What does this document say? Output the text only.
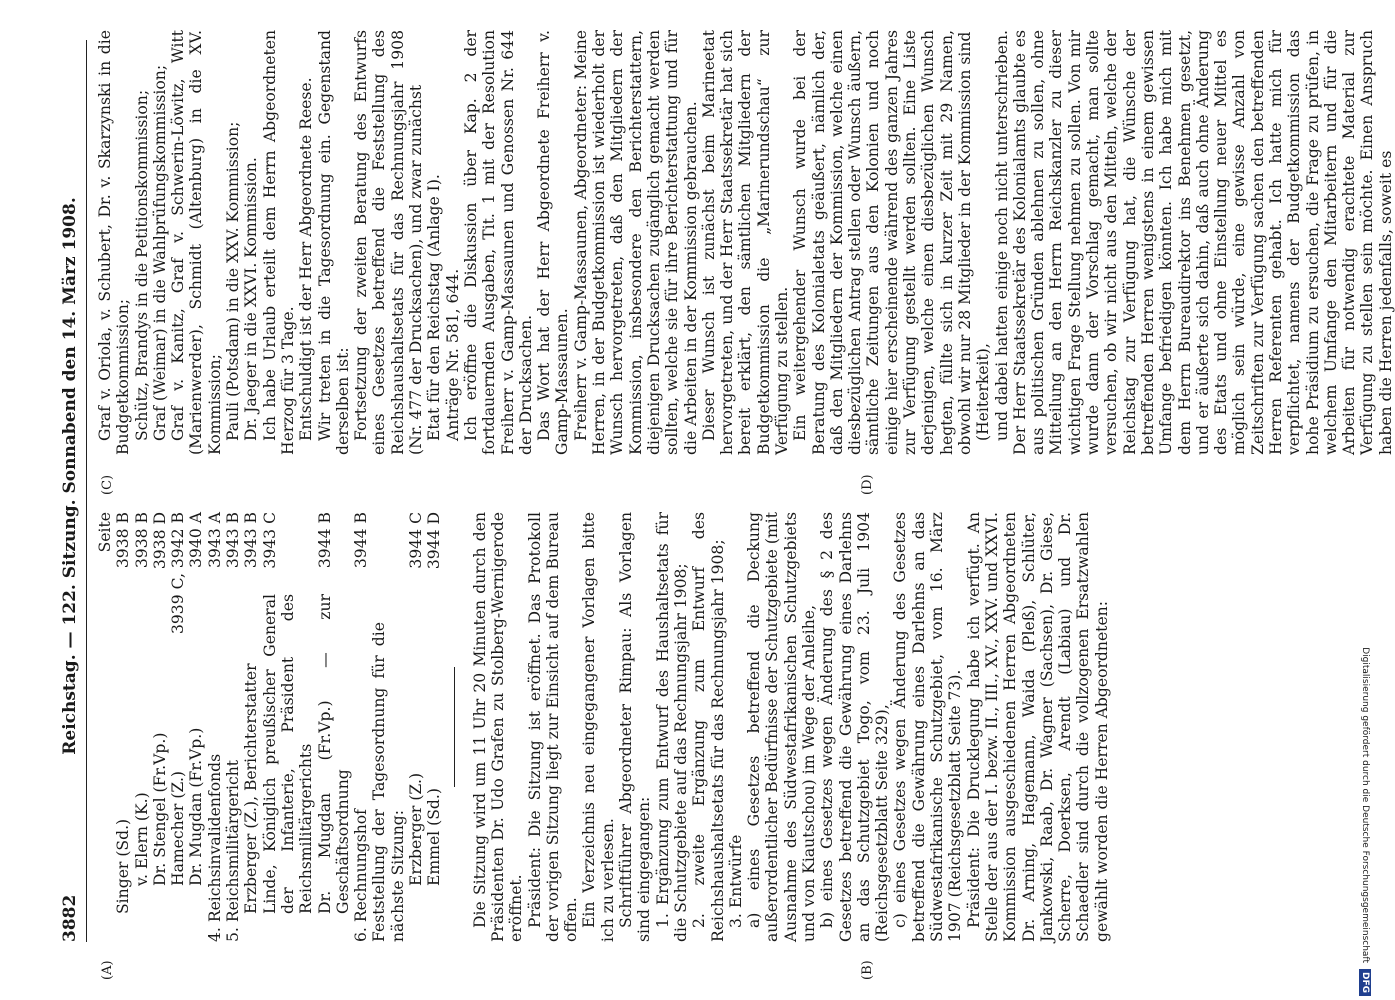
3882
Reichstag. — 122. Sitzung. Sonnabend den 14. März 1908.
(A)	(B)
(C)	(D)
Seite
Singer (Sd.)
3938 B
v. Elern (K.)
3938 B
Dr. Stengel (Fr.Vp.)
3938 D
Hamecher (Z.)
3939 C, 3942 B
Dr. Mugdan (Fr.Vp.)
3940 A
4. Reichsinvalidenfonds
3943 A
5. Reichsmilitärgericht
3943 B
Erzberger (Z.), Berichterstatter
3943 B
Linde, Königlich preußischer General der Infanterie, Präsident des Reichsmilitärgerichts
3943 C
Dr. Mugdan (Fr.Vp.) — zur Geschäftsordnung
3944 B
6. Rechnungshof
3944 B
Feststellung der Tagesordnung für die nächste Sitzung: Erzberger (Z.)
3944 C
Emmel (Sd.)
3944 D Die Sitzung wird um 11 Uhr 20 Minuten durch den Präsidenten Dr. Udo Grafen zu Stolberg-Wernigerode eröffnet. Präsident: Die Sitzung ist eröffnet. Das Protokoll der vorigen Sitzung liegt zur Einsicht auf dem Bureau offen. Ein Verzeichnis neu eingegangener Vorlagen bitte ich zu verlesen. Schriftführer Abgeordneter Rimpau: Als Vorlagen sind eingegangen: 1. Ergänzung zum Entwurf des Haushaltsetats für die Schutzgebiete auf das Rechnungsjahr 1908; 2. zweite Ergänzung zum Entwurf des Reichshaushaltsetats für das Rechnungsjahr 1908; 3. Entwürfe a) eines Gesetzes betreffend die Deckung außerordentlicher Bedürfnisse der Schutzgebiete (mit Ausnahme des Südwestafrikanischen Schutzgebiets und von Kiautschou) im Wege der Anleihe, b) eines Gesetzes wegen Änderung des § 2 des Gesetzes betreffend die Gewährung eines Darlehns an das Schutzgebiet Togo, vom 23. Juli 1904 (Reichsgesetzblatt Seite 329), c) eines Gesetzes wegen Änderung des Gesetzes betreffend die Gewährung eines Darlehns an das Südwestafrikanische Schutzgebiet, vom 16. März 1907 (Reichsgesetzblatt Seite 73). Präsident: Die Drucklegung habe ich verfügt. An Stelle der aus der I. bezw. II., III., XV., XXV. und XXVI. Kommission ausgeschiedenen Herren Abgeordneten Dr. Arning, Hagemann, Waida (Pleß), Schlüter, Jankowski, Raab, Dr. Wagner (Sachsen), Dr. Giese, Scherre, Doerksen, Arendt (Labiau) und Dr. Schaedler sind durch die vollzogenen Ersatzwahlen gewählt worden die Herren Abgeordneten:

Graf v. Oriola, v. Schubert, Dr. v. Skarzynski in die Budgetkommission; Schütz, Brandys in die Petitionskommission; Graf (Weimar) in die Wahlprüfungskommission; Graf v. Kanitz, Graf v. Schwerin-Löwitz, Witt (Marienwerder), Schmidt (Altenburg) in die XV. Kommission; Pauli (Potsdam) in die XXV. Kommission; Dr. Jaeger in die XXVI. Kommission. Ich habe Urlaub erteilt dem Herrn Abgeordneten Herzog für 3 Tage. Entschuldigt ist der Herr Abgeordnete Reese. Wir treten in die Tagesordnung ein. Gegenstand derselben ist: Fortsetzung der zweiten Beratung des Entwurfs eines Gesetzes betreffend die Feststellung des Reichshaushaltsetats für das Rechnungsjahr 1908 (Nr. 477 der Drucksachen), und zwar zunächst Etat für den Reichstag (Anlage I). Anträge Nr. 581, 644. Ich eröffne die Diskussion über Kap. 2 der fortdauernden Ausgaben, Tit. 1 mit der Resolution Freiherr v. Gamp-Massaunen und Genossen Nr. 644 der Drucksachen. Das Wort hat der Herr Abgeordnete Freiherr v. Gamp-Massaunen. Freiherr v. Gamp-Massaunen, Abgeordneter: Meine Herren, in der Budgetkommission ist wiederholt der Wunsch hervorgetreten, daß den Mitgliedern der Kommission, insbesondere den Berichterstattern, diejenigen Drucksachen zugänglich gemacht werden sollten, welche sie für ihre Berichterstattung und für die Arbeiten in der Kommission gebrauchen. Dieser Wunsch ist zunächst beim Marineetat hervorgetreten, und der Herr Staatssekretär hat sich bereit erklärt, den sämtlichen Mitgliedern der Budgetkommission die „Marinerundschau“ zur Verfügung zu stellen. Ein weitergehender Wunsch wurde bei der Beratung des Kolonialetats geäußert, nämlich der, daß den Mitgliedern der Kommission, welche einen diesbezüglichen Antrag stellen oder Wunsch äußern, sämtliche Zeitungen aus den Kolonien und noch einige hier erscheinende während des ganzen Jahres zur Verfügung gestellt werden sollten. Eine Liste derjenigen, welche einen diesbezüglichen Wunsch hegten, füllte sich in kurzer Zeit mit 29 Namen, obwohl wir nur 28 Mitglieder in der Kommission sind (Heiterkeit), und dabei hatten einige noch nicht unterschrieben. Der Herr Staatssekretär des Kolonialamts glaubte es aus politischen Gründen ablehnen zu sollen, ohne Mitteilung an den Herrn Reichskanzler zu dieser wichtigen Frage Stellung nehmen zu sollen. Von mir wurde dann der Vorschlag gemacht, man sollte versuchen, ob wir nicht aus den Mitteln, welche der Reichstag zur Verfügung hat, die Wünsche der betreffenden Herren wenigstens in einem gewissen Umfange befriedigen könnten. Ich habe mich mit dem Herrn Bureaudirektor ins Benehmen gesetzt, und er äußerte sich dahin, daß auch ohne Änderung des Etats und ohne Einstellung neuer Mittel es möglich sein würde, eine gewisse Anzahl von Zeitschriften zur Verfügung sachen den betreffenden Herren Referenten gehabt. Ich hatte mich für verpflichtet, namens der Budgetkommission das hohe Präsidium zu ersuchen, die Frage zu prüfen, in welchem Umfange den Mitarbeitern und für die Arbeiten für notwendig erachtete Material zur Verfügung zu stellen sein möchte. Einen Anspruch haben die Herren jedenfalls, soweit es

Digitalisierung gefördert durch die Deutsche Forschungsgemeinschaft
DFG
